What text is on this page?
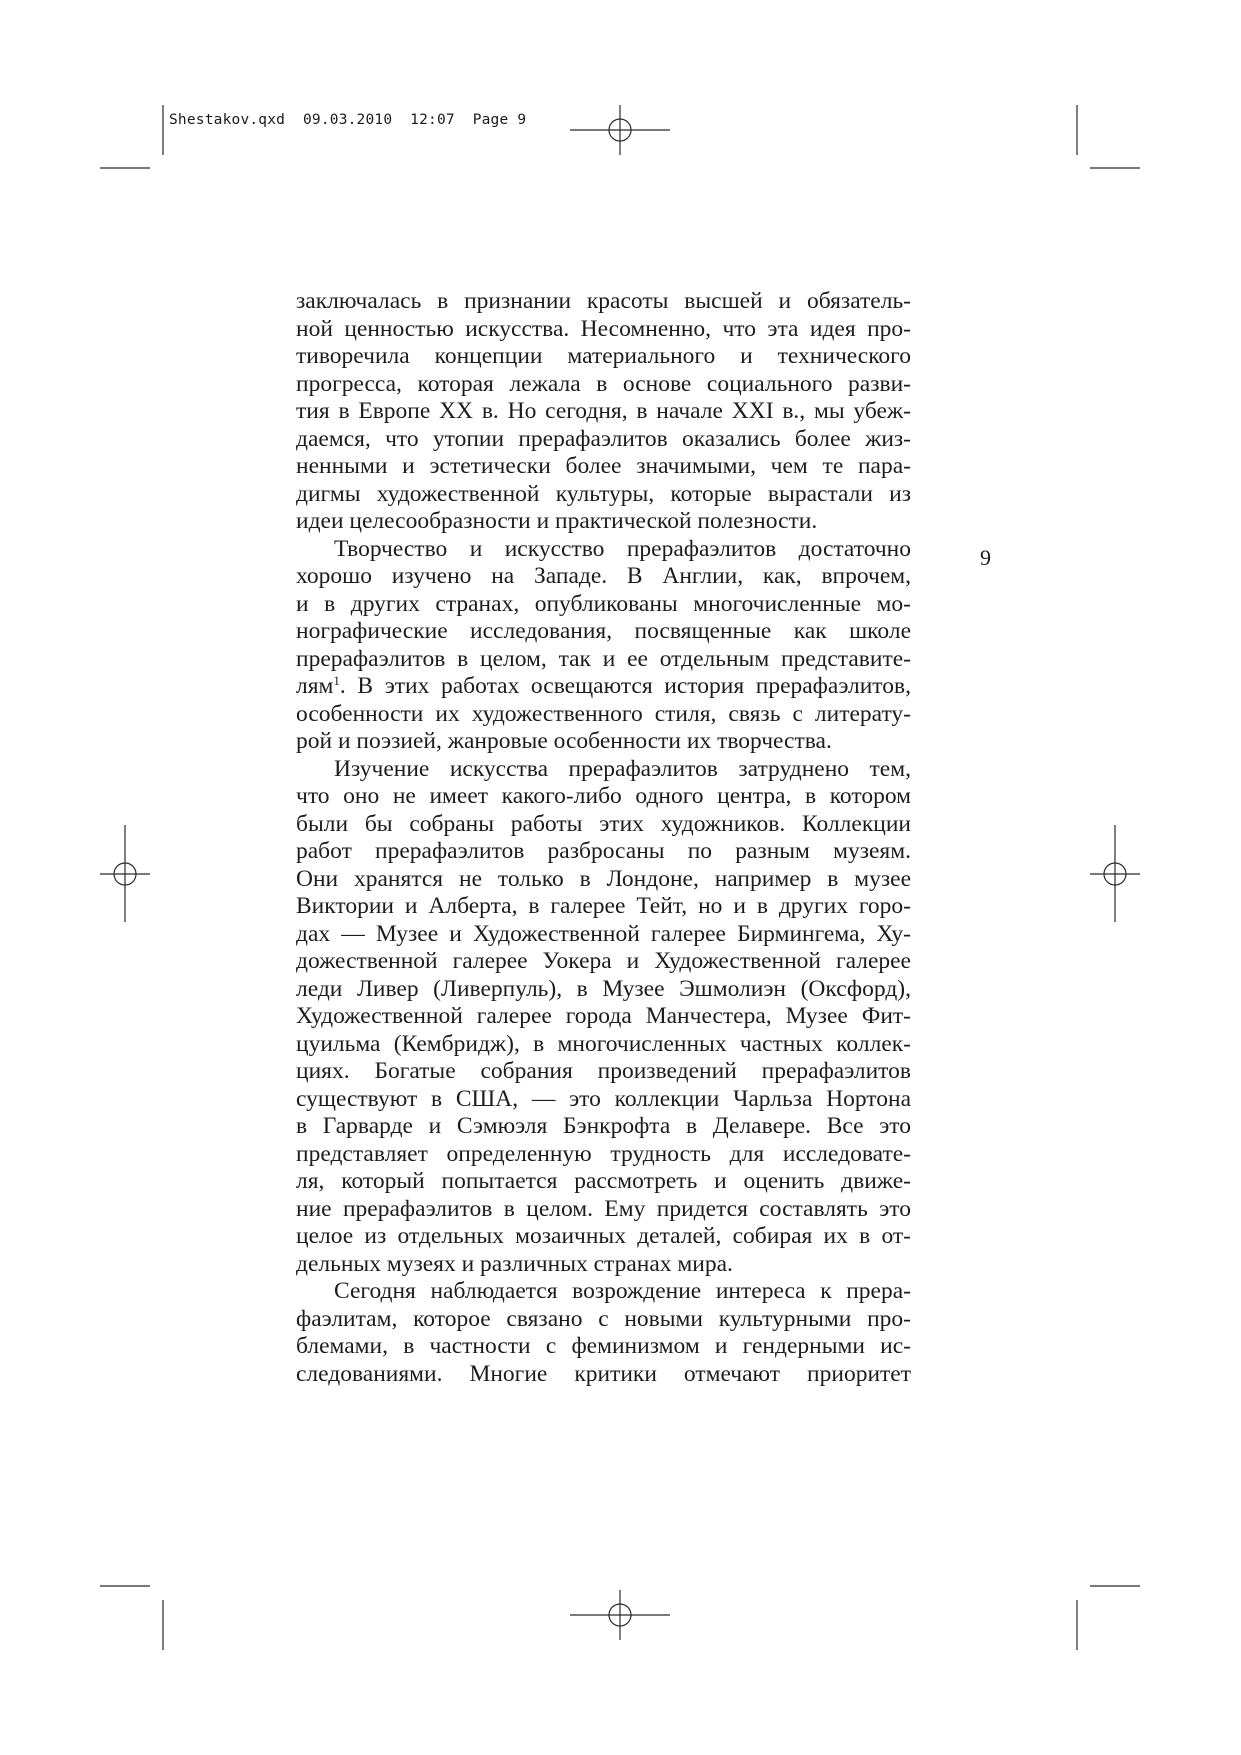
Shestakov.qxd 09.03.2010 12:07 Page 9
9
заключалась в признании красоты высшей и обязатель-
ной ценностью искусства. Несомненно, что эта идея про-
тиворечила концепции материального и технического
прогресса, которая лежала в основе социального разви-
тия в Европе XX в. Но сегодня, в начале XXI в., мы убеж-
даемся, что утопии прерафаэлитов оказались более жиз-
ненными и эстетически более значимыми, чем те пара-
дигмы художественной культуры, которые вырастали из
идеи целесообразности и практической полезности.
Творчество и искусство прерафаэлитов достаточно
хорошо изучено на Западе. В Англии, как, впрочем,
и в других странах, опубликованы многочисленные мо-
нографические исследования, посвященные как школе
прерафаэлитов в целом, так и ее отдельным представите-
лям$^1$. В этих работах освещаются история прерафаэлитов,
особенности их художественного стиля, связь с литерату-
рой и поэзией, жанровые особенности их творчества.
Изучение искусства прерафаэлитов затруднено тем,
что оно не имеет какого-либо одного центра, в котором
были бы собраны работы этих художников. Коллекции
работ прерафаэлитов разбросаны по разным музеям.
Они хранятся не только в Лондоне, например в музее
Виктории и Алберта, в галерее Тейт, но и в других горо-
дах — Музее и Художественной галерее Бирмингема, Ху-
дожественной галерее Уокера и Художественной галерее
леди Ливер (Ливерпуль), в Музее Эшмолиэн (Оксфорд),
Художественной галерее города Манчестера, Музее Фит-
цуильма (Кембридж), в многочисленных частных коллек-
циях. Богатые собрания произведений прерафаэлитов
существуют в США, — это коллекции Чарльза Нортона
в Гарварде и Сэмюэля Бэнкрофта в Делавере. Все это
представляет определенную трудность для исследовате-
ля, который попытается рассмотреть и оценить движе-
ние прерафаэлитов в целом. Ему придется составлять это
целое из отдельных мозаичных деталей, собирая их в от-
дельных музеях и различных странах мира.
Сегодня наблюдается возрождение интереса к прера-
фаэлитам, которое связано с новыми культурными про-
блемами, в частности с феминизмом и гендерными ис-
следованиями. Многие критики отмечают приоритет
